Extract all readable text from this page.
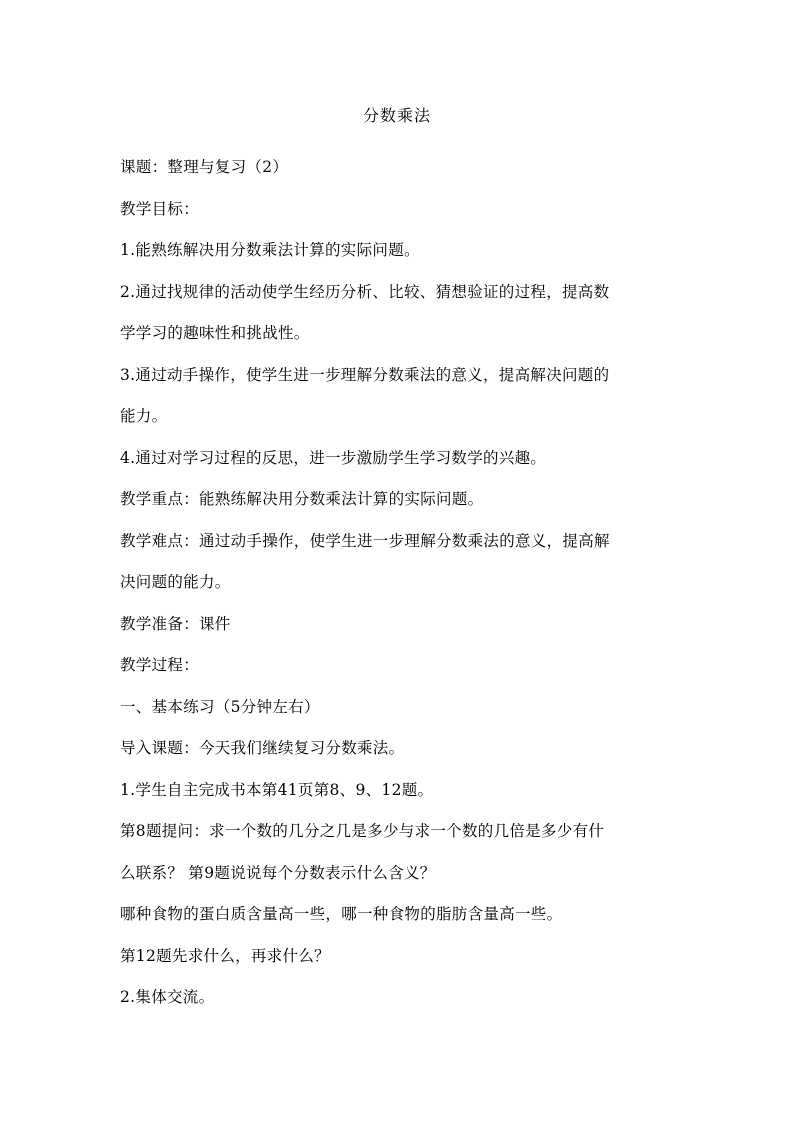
分数乘法
课题：整理与复习（2）
教学目标：
1.能熟练解决用分数乘法计算的实际问题。
2.通过找规律的活动使学生经历分析、比较、猜想验证的过程，提高数
学学习的趣味性和挑战性。
3.通过动手操作，使学生进一步理解分数乘法的意义，提高解决问题的
能力。
4.通过对学习过程的反思，进一步激励学生学习数学的兴趣。
教学重点：能熟练解决用分数乘法计算的实际问题。
教学难点：通过动手操作，使学生进一步理解分数乘法的意义，提高解
决问题的能力。
教学准备：课件
教学过程：
一、基本练习（5分钟左右）
导入课题：今天我们继续复习分数乘法。
1.学生自主完成书本第41页第8、9、12题。
第8题提问：求一个数的几分之几是多少与求一个数的几倍是多少有什
么联系？ 第9题说说每个分数表示什么含义？
哪种食物的蛋白质含量高一些，哪一种食物的脂肪含量高一些。
第12题先求什么，再求什么？
2.集体交流。
